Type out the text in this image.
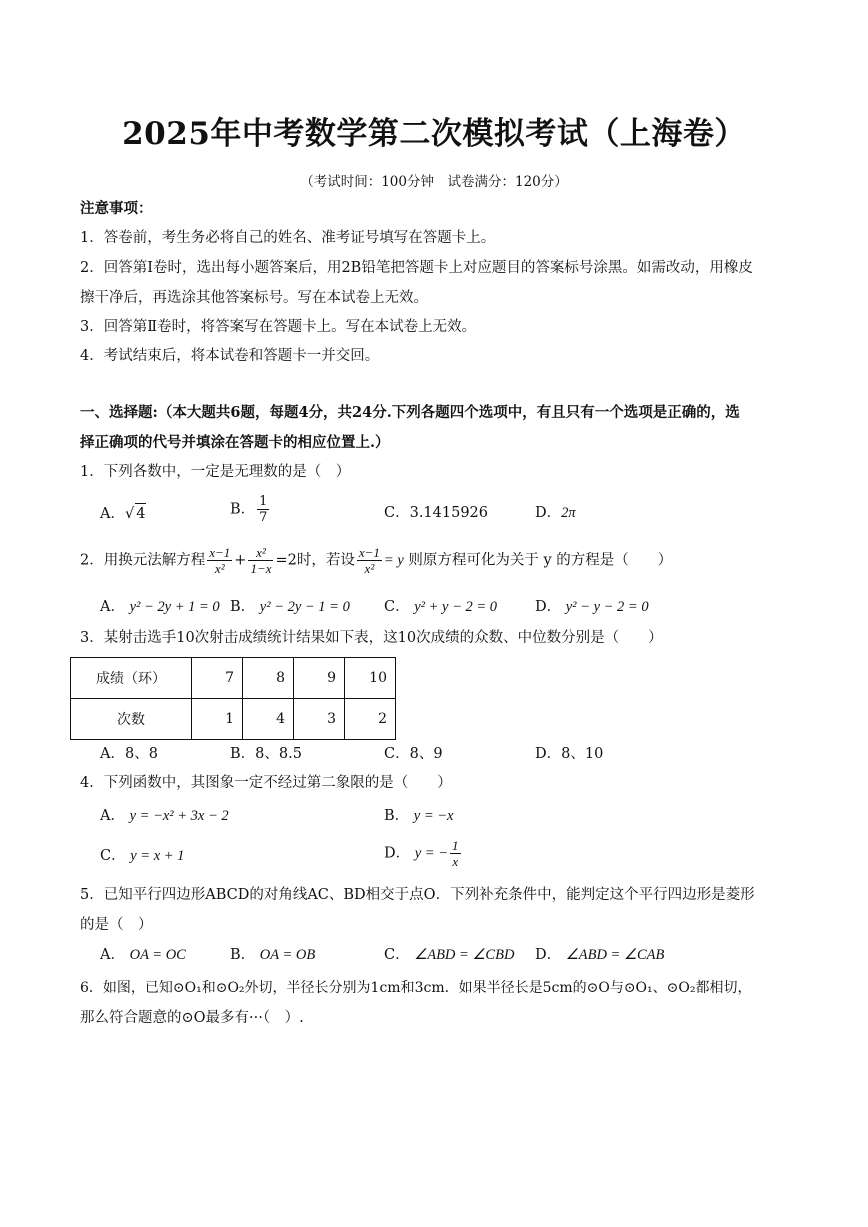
2025年中考数学第二次模拟考试（上海卷）
（考试时间：100分钟　试卷满分：120分）
注意事项：
1．答卷前，考生务必将自己的姓名、准考证号填写在答题卡上。
2．回答第Ⅰ卷时，选出每小题答案后，用2B铅笔把答题卡上对应题目的答案标号涂黑。如需改动，用橡皮
擦干净后，再选涂其他答案标号。写在本试卷上无效。
3．回答第Ⅱ卷时，将答案写在答题卡上。写在本试卷上无效。
4．考试结束后，将本试卷和答题卡一并交回。
一、选择题:（本大题共6题，每题4分，共24分.下列各题四个选项中，有且只有一个选项是正确的，选
择正确项的代号并填涂在答题卡的相应位置上.）
1．下列各数中，一定是无理数的是（　）
A．√ 4	B． $\frac{1}{7}$	C．3.1415926	D．2π
2．用换元法解方程 $\frac{x-1}{\text{x²}} + \frac{\text{x²}}{1-x} =2$时，若设 $\frac{x-1}{\text{x²}} = y$ 则原方程可化为关于 y 的方程是（　　）
A． y² − 2y + 1 = 0 B． y² − 2y − 1 = 0 C． y² + y − 2 = 0	D． y² − y − 2 = 0
3．某射击选手10次射击成绩统计结果如下表，这10次成绩的众数、中位数分别是（　　）
成绩（环）	7	8	9	10
次数	1	4	3	2
A．8、8	B．8、8.5	C．8、9	D．8、10
4．下列函数中，其图象一定不经过第二象限的是（　　）
A． y = −x² + 3x − 2	B． y = −x
C． y = x + 1	D． y = − $\frac{1}{x}$
5．已知平行四边形ABCD的对角线AC、BD相交于点O．下列补充条件中，能判定这个平行四边形是菱形
的是（　）
A． OA = OC	B． OA = OB	C． ∠ABD = ∠CBD D． ∠ABD = ∠CAB
6．如图，已知⊙O₁和⊙O₂外切，半径长分别为1cm和3cm．如果半径长是5cm的⊙O与⊙O₁、⊙O₂都相切，
那么符合题意的⊙O最多有···（　）.
